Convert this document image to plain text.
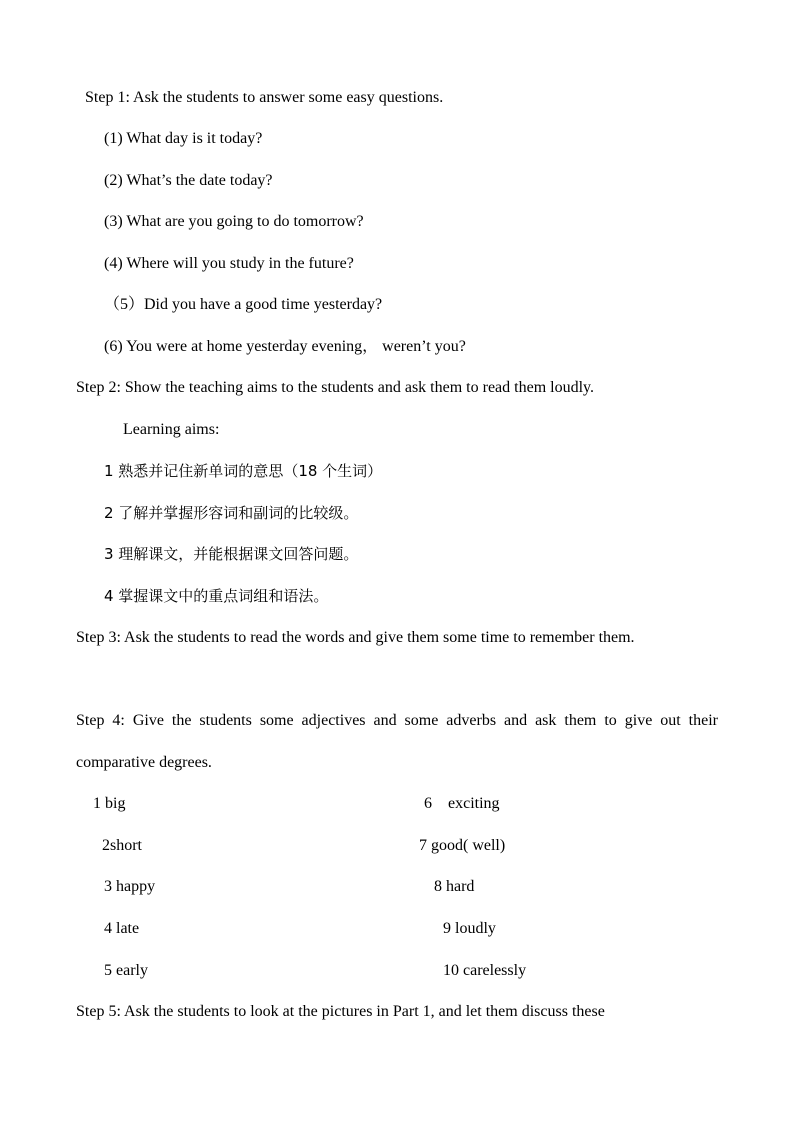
Step 1: Ask the students to answer some easy questions.
(1) What day is it today?
(2) What’s the date today?
(3) What are you going to do tomorrow?
(4) Where will you study in the future?
（5）Did you have a good time yesterday?
(6) You were at home yesterday evening， weren’t you?
Step 2: Show the teaching aims to the students and ask them to read them loudly.
Learning aims:
1 熟悉并记住新单词的意思（18 个生词）
2 了解并掌握形容词和副词的比较级。
3 理解课文，并能根据课文回答问题。
4 掌握课文中的重点词组和语法。
Step 3: Ask the students to read the words and give them some time to remember them.
Step 4: Give the students some adjectives and some adverbs and ask them to give out their comparative degrees.
1 big
2short
3 happy
4 late
5 early
6    exciting
7 good( well)
8 hard
9 loudly
10 carelessly
Step 5: Ask the students to look at the pictures in Part 1, and let them discuss these
